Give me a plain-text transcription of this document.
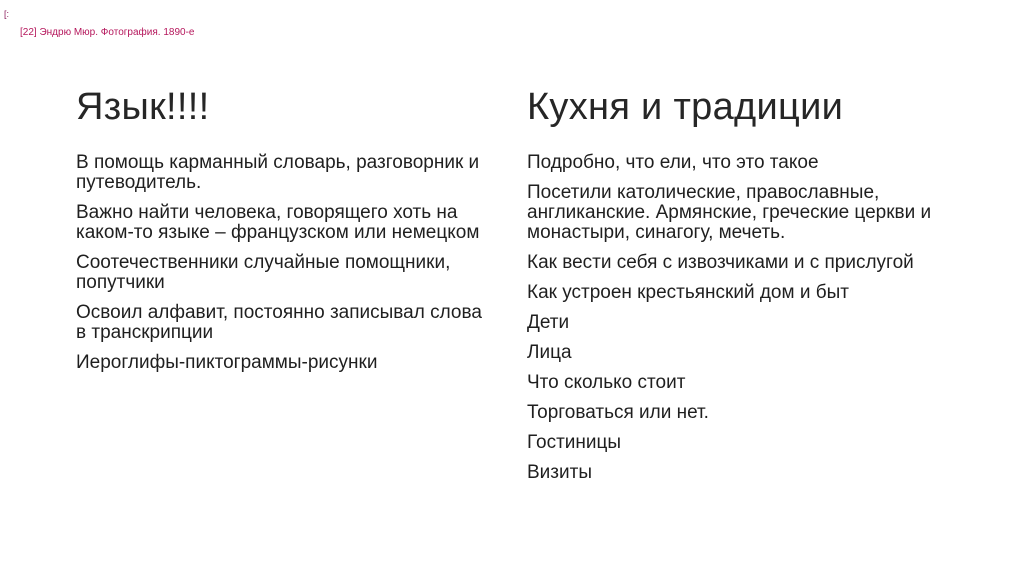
[:
[22] Эндрю Мюр. Фотография. 1890-е
Язык!!!!	Кухня и традиции
В помощь карманный словарь, разговорник и путеводитель.
Важно найти человека, говорящего хоть на каком-то языке – французском или немецком
Соотечественники случайные помощники, попутчики
Освоил алфавит, постоянно записывал слова в транскрипции
Иероглифы-пиктограммы-рисунки
Подробно, что ели, что это такое
Посетили католические, православные, англиканские. Армянские, греческие церкви и монастыри, синагогу, мечеть.
Как вести себя с извозчиками и с прислугой
Как устроен крестьянский дом и быт
Дети
Лица
Что сколько стоит
Торговаться или нет.
Гостиницы
Визиты
